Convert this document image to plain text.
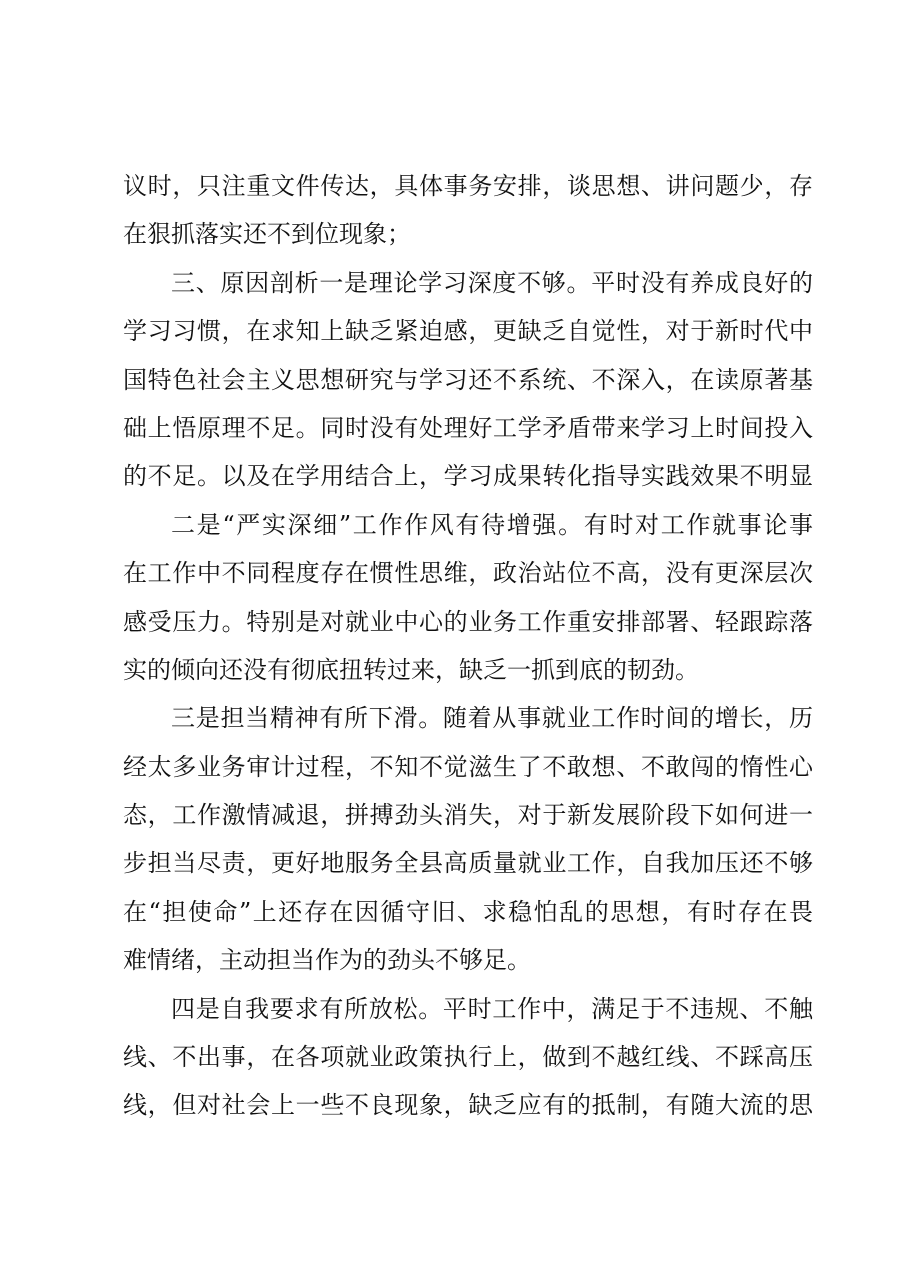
议时，只注重文件传达，具体事务安排，谈思想、讲问题少，存
在狠抓落实还不到位现象；
三、原因剖析一是理论学习深度不够。平时没有养成良好的
学习习惯，在求知上缺乏紧迫感，更缺乏自觉性，对于新时代中
国特色社会主义思想研究与学习还不系统、不深入，在读原著基
础上悟原理不足。同时没有处理好工学矛盾带来学习上时间投入
的不足。以及在学用结合上，学习成果转化指导实践效果不明显
二是“严实深细”工作作风有待增强。有时对工作就事论事
在工作中不同程度存在惯性思维，政治站位不高，没有更深层次
感受压力。特别是对就业中心的业务工作重安排部署、轻跟踪落
实的倾向还没有彻底扭转过来，缺乏一抓到底的韧劲。
三是担当精神有所下滑。随着从事就业工作时间的增长，历
经太多业务审计过程，不知不觉滋生了不敢想、不敢闯的惰性心
态，工作激情减退，拼搏劲头消失，对于新发展阶段下如何进一
步担当尽责，更好地服务全县高质量就业工作，自我加压还不够
在“担使命”上还存在因循守旧、求稳怕乱的思想，有时存在畏
难情绪，主动担当作为的劲头不够足。
四是自我要求有所放松。平时工作中，满足于不违规、不触
线、不出事，在各项就业政策执行上，做到不越红线、不踩高压
线，但对社会上一些不良现象，缺乏应有的抵制，有随大流的思
